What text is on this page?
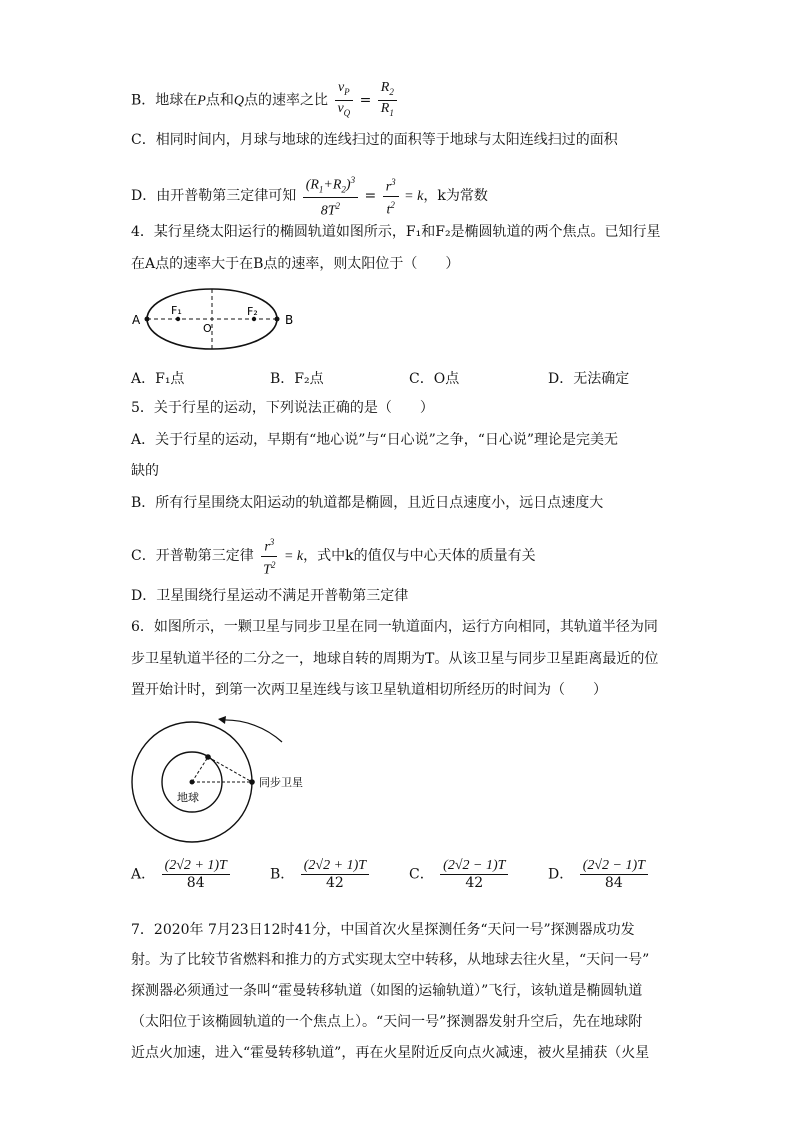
B．地球在P点和Q点的速率之比 $\frac{v_P}{v_Q} = \frac{R_2}{R_1}$
C．相同时间内，月球与地球的连线扫过的面积等于地球与太阳连线扫过的面积
D．由开普勒第三定律可知 $\frac{(R_1+R_2)^3}{8T^2} = \frac{r^3}{t^2} = k$，k为常数
4．某行星绕太阳运行的椭圆轨道如图所示，F₁和F₂是椭圆轨道的两个焦点。已知行星
在A点的速率大于在B点的速率，则太阳位于（　　）
A	B
F₁	F₂
O
A．F₁点	B．F₂点	C．O点	D．无法确定
5．关于行星的运动，下列说法正确的是（　　）
A．关于行星的运动，早期有“地心说”与“日心说”之争，“日心说”理论是完美无
缺的
B．所有行星围绕太阳运动的轨道都是椭圆，且近日点速度小，远日点速度大
C．开普勒第三定律 $\frac{r^3}{T^2} = k$，式中k的值仅与中心天体的质量有关
D．卫星围绕行星运动不满足开普勒第三定律
6．如图所示，一颗卫星与同步卫星在同一轨道面内，运行方向相同，其轨道半径为同
步卫星轨道半径的二分之一，地球自转的周期为T。从该卫星与同步卫星距离最近的位
置开始计时，到第一次两卫星连线与该卫星轨道相切所经历的时间为（　　）
地球
同步卫星
A． $\frac{(2√2 + 1)T}{84}$	B． $\frac{(2√2 + 1)T}{42}$	C． $\frac{(2√2 - 1)T}{42}$	D． $\frac{(2√2 - 1)T}{84}$
7．2020年 7月23日12时41分，中国首次火星探测任务“天问一号”探测器成功发
射。为了比较节省燃料和推力的方式实现太空中转移，从地球去往火星，“天问一号”
探测器必须通过一条叫“霍曼转移轨道（如图的运输轨道）”飞行，该轨道是椭圆轨道
（太阳位于该椭圆轨道的一个焦点上）。“天问一号”探测器发射升空后，先在地球附
近点火加速，进入“霍曼转移轨道”，再在火星附近反向点火减速，被火星捕获（火星
